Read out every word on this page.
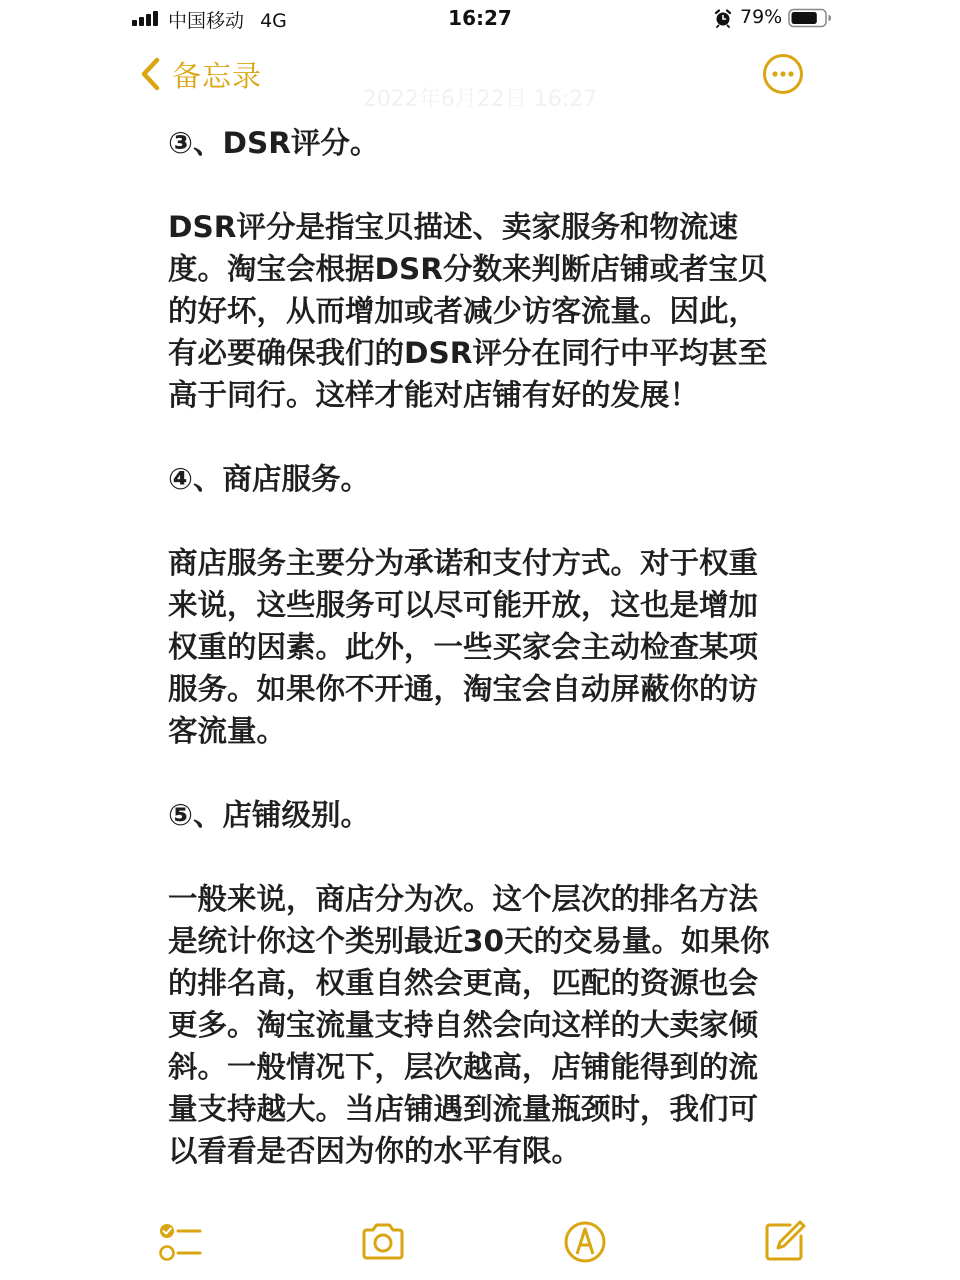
中国移动 4G	16:27	79%
备忘录
2022年6月22日 16:27

③、DSR评分。

DSR评分是指宝贝描述、卖家服务和物流速
度。淘宝会根据DSR分数来判断店铺或者宝贝
的好坏，从而增加或者减少访客流量。因此，
有必要确保我们的DSR评分在同行中平均甚至
高于同行。这样才能对店铺有好的发展！

④、商店服务。

商店服务主要分为承诺和支付方式。对于权重
来说，这些服务可以尽可能开放，这也是增加
权重的因素。此外，一些买家会主动检查某项
服务。如果你不开通，淘宝会自动屏蔽你的访
客流量。

⑤、店铺级别。

一般来说，商店分为次。这个层次的排名方法
是统计你这个类别最近30天的交易量。如果你
的排名高，权重自然会更高，匹配的资源也会
更多。淘宝流量支持自然会向这样的大卖家倾
斜。一般情况下，层次越高，店铺能得到的流
量支持越大。当店铺遇到流量瓶颈时，我们可
以看看是否因为你的水平有限。
